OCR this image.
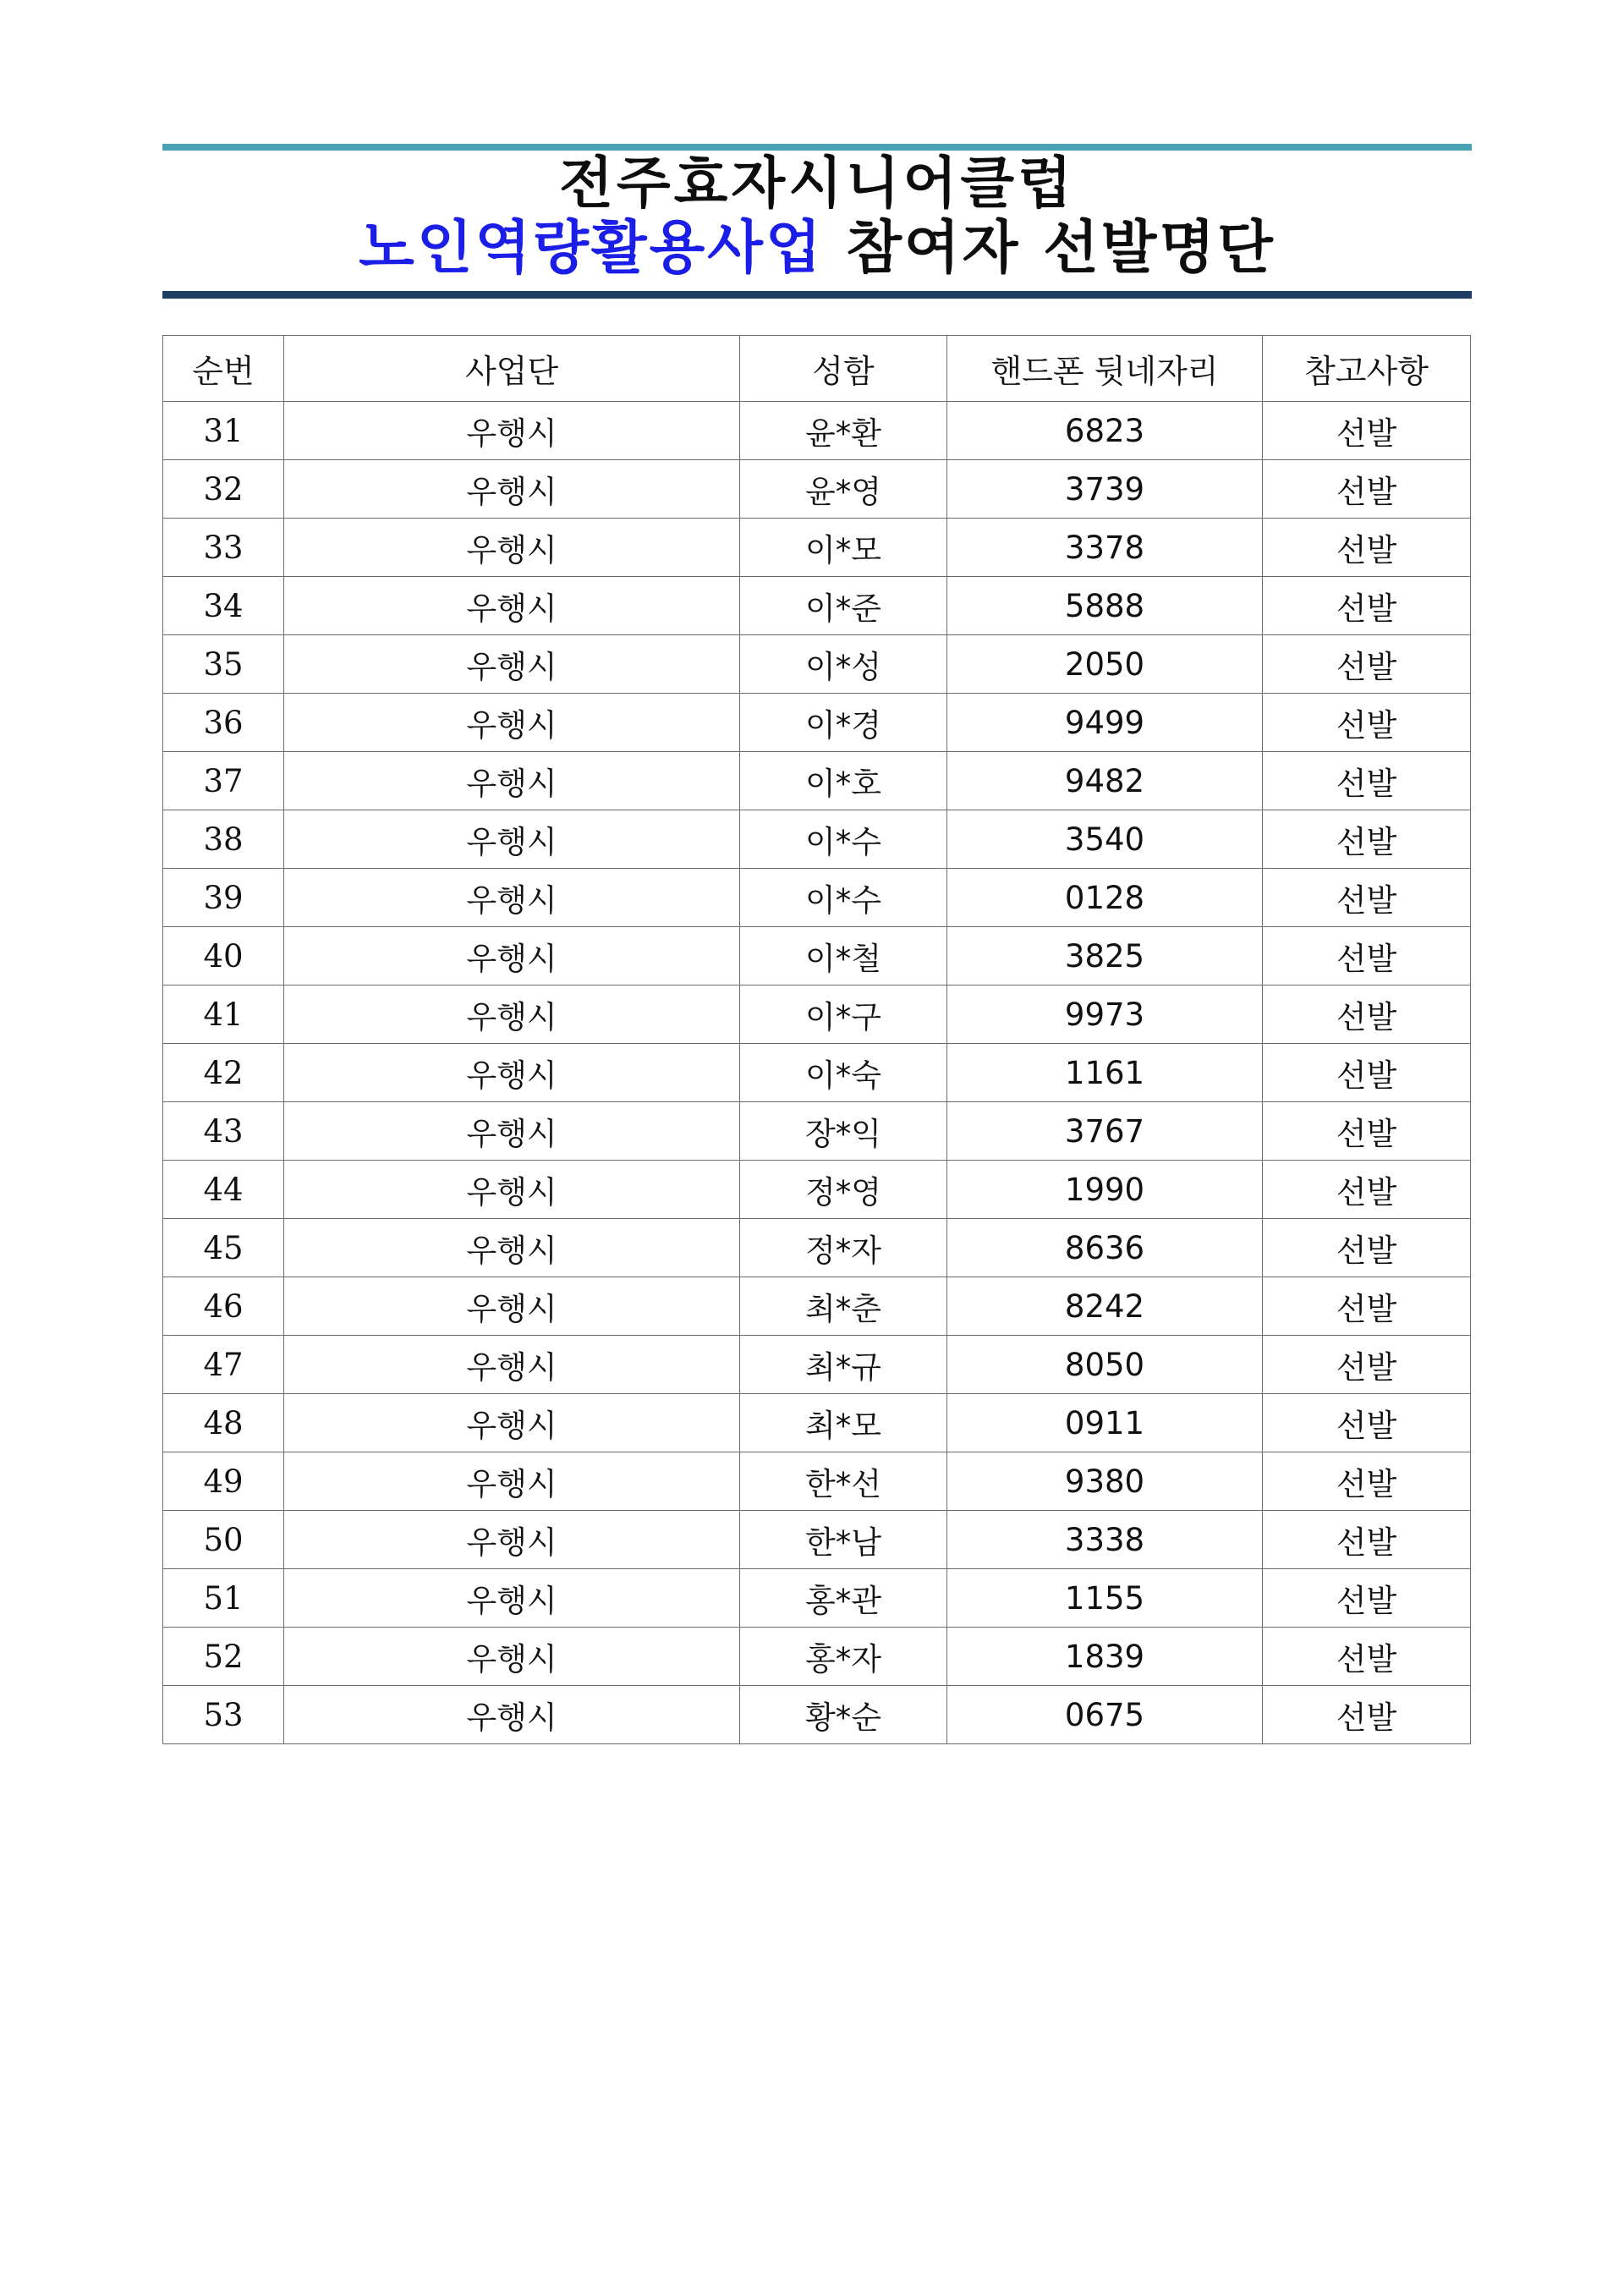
전주효자시니어클럽
노인역량활용사업 참여자 선발명단
순번	사업단	성함	핸드폰 뒷네자리	참고사항
31	우행시	윤*환	6823	선발
32	우행시	윤*영	3739	선발
33	우행시	이*모	3378	선발
34	우행시	이*준	5888	선발
35	우행시	이*성	2050	선발
36	우행시	이*경	9499	선발
37	우행시	이*호	9482	선발
38	우행시	이*수	3540	선발
39	우행시	이*수	0128	선발
40	우행시	이*철	3825	선발
41	우행시	이*구	9973	선발
42	우행시	이*숙	1161	선발
43	우행시	장*익	3767	선발
44	우행시	정*영	1990	선발
45	우행시	정*자	8636	선발
46	우행시	최*춘	8242	선발
47	우행시	최*규	8050	선발
48	우행시	최*모	0911	선발
49	우행시	한*선	9380	선발
50	우행시	한*남	3338	선발
51	우행시	홍*관	1155	선발
52	우행시	홍*자	1839	선발
53	우행시	황*순	0675	선발
